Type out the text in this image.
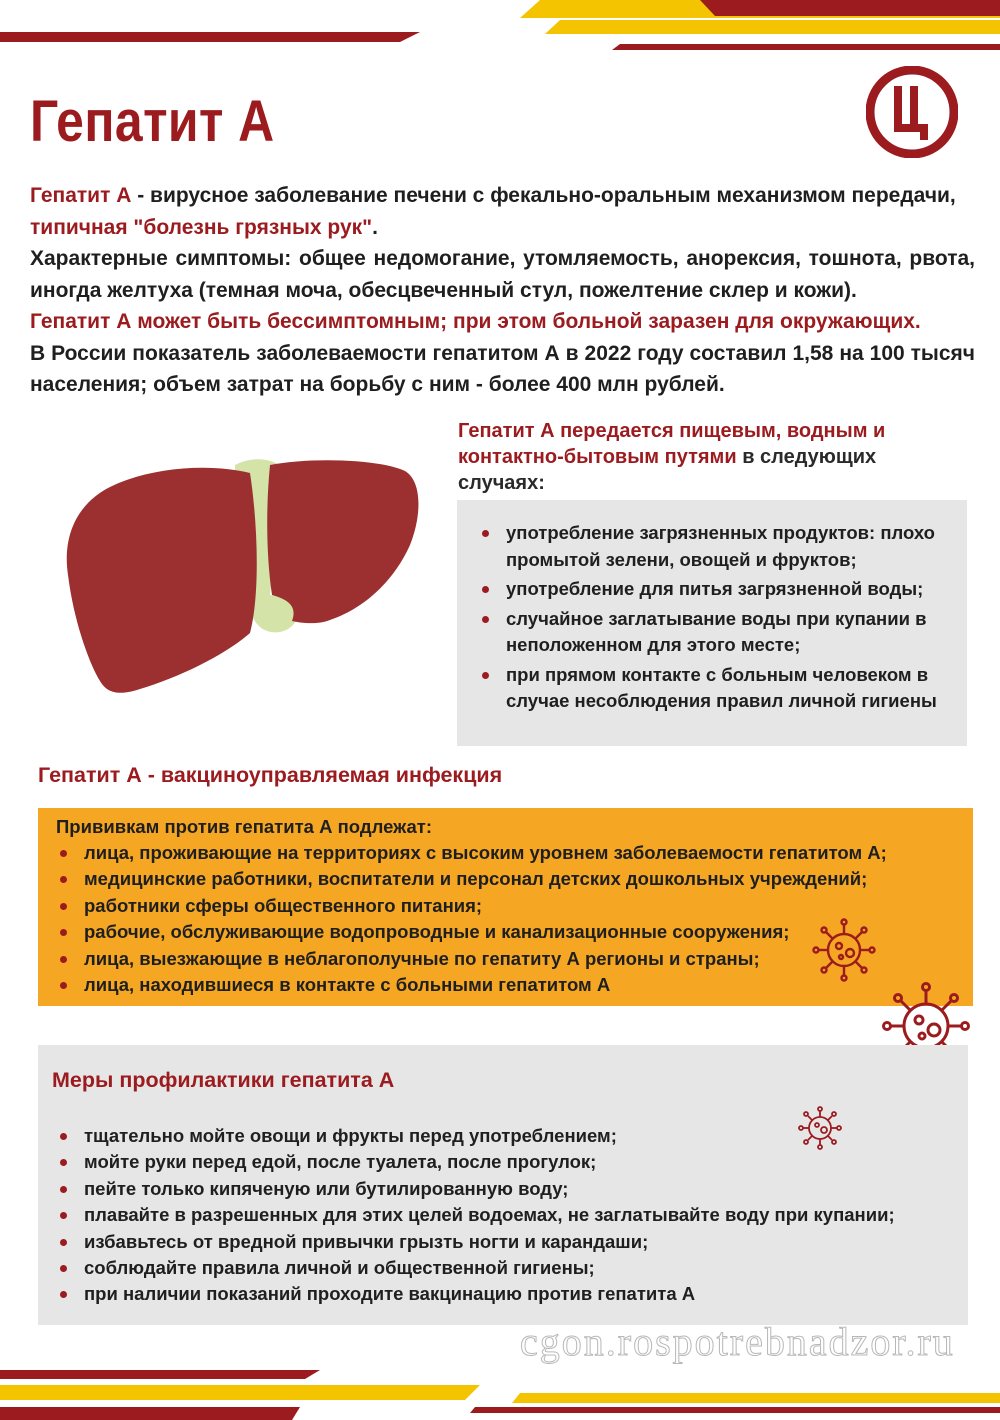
Гепатит А

Гепатит А - вирусное заболевание печени с фекально-оральным механизмом передачи,
типичная "болезнь грязных рук".

Характерные симптомы: общее недомогание, утомляемость, анорексия, тошнота, рвота, иногда желтуха (темная моча, обесцвеченный стул, пожелтение склер и кожи).

Гепатит А может быть бессимптомным; при этом больной заразен для окружающих.

В России показатель заболеваемости гепатитом А в 2022 году составил 1,58 на 100 тысяч населения; объем затрат на борьбу с ним - более 400 млн рублей.

Гепатит А передается пищевым, водным и контактно-бытовым путями в следующих случаях:
употребление загрязненных продуктов: плохо промытой зелени, овощей и фруктов;
употребление для питья загрязненной воды;
случайное заглатывание воды при купании в неположенном для этого месте;
при прямом контакте с больным человеком в случае несоблюдения правил личной гигиены
Гепатит А - вакциноуправляемая инфекция
Прививкам против гепатита А подлежат:
лица, проживающие на территориях с высоким уровнем заболеваемости гепатитом А;
медицинские работники, воспитатели и персонал детских дошкольных учреждений;
работники сферы общественного питания;
рабочие, обслуживающие водопроводные и канализационные сооружения;
лица, выезжающие в неблагополучные по гепатиту А регионы и страны;
лица, находившиеся в контакте с больными гепатитом А
Меры профилактики гепатита А
тщательно мойте овощи и фрукты перед употреблением;
мойте руки перед едой, после туалета, после прогулок;
пейте только кипяченую или бутилированную воду;
плавайте в разрешенных для этих целей водоемах, не заглатывайте воду при купании;
избавьтесь от вредной привычки грызть ногти и карандаши;
соблюдайте правила личной и общественной гигиены;
при наличии показаний проходите вакцинацию против гепатита А
cgon.rospotrebnadzor.ru
